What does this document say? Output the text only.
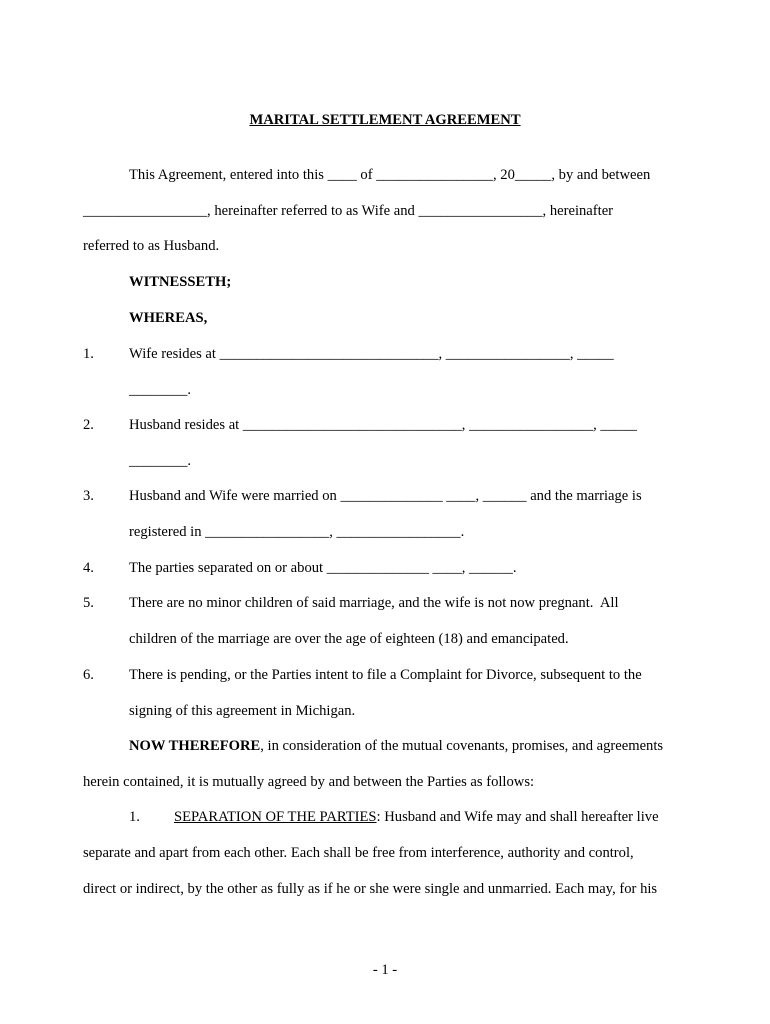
MARITAL SETTLEMENT AGREEMENT
This Agreement, entered into this ____ of ________________, 20_____, by and between
_________________, hereinafter referred to as Wife and _________________, hereinafter
referred to as Husband.
WITNESSETH;
WHEREAS,
1. Wife resides at ______________________________, _________________, _____
________.
2. Husband resides at ______________________________, _________________, _____
________.
3. Husband and Wife were married on ______________ ____, ______ and the marriage is
registered in _________________, _________________.
4. The parties separated on or about ______________ ____, ______.
5. There are no minor children of said marriage, and the wife is not now pregnant.  All
children of the marriage are over the age of eighteen (18) and emancipated.
6. There is pending, or the Parties intent to file a Complaint for Divorce, subsequent to the
signing of this agreement in Michigan.
NOW THEREFORE, in consideration of the mutual covenants, promises, and agreements
herein contained, it is mutually agreed by and between the Parties as follows:
1. SEPARATION OF THE PARTIES: Husband and Wife may and shall hereafter live
separate and apart from each other. Each shall be free from interference, authority and control,
direct or indirect, by the other as fully as if he or she were single and unmarried. Each may, for his
- 1 -
